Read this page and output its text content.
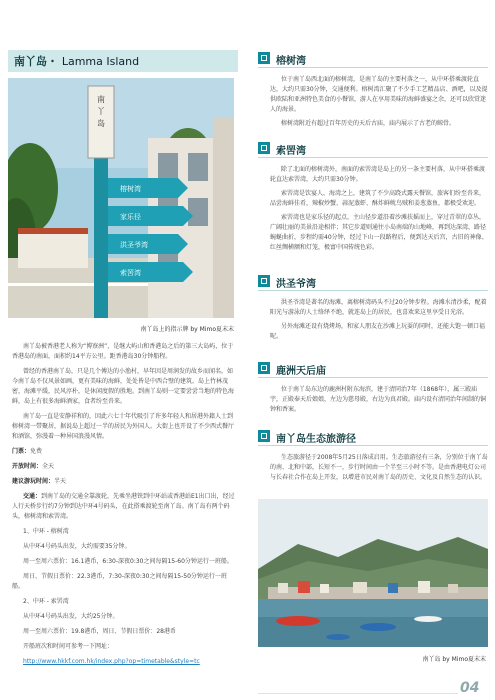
南丫岛・ Lamma Island
南
丫
岛
榕树湾
家乐径
洪圣爷湾
索罟湾
南丫岛上的指示牌 by Mimo夏末末

南丫岛被香港老人称为“博寮洲”，是继大屿山和香港岛之后的第三大岛屿，位于香港岛的南面，面积约14平方公里。距香港岛30分钟船程。

曾经的香港南丫岛，只是几个傅达的小渔村，早年因是周润发的故乡而闻名。如今南丫岛不仅风景如画，更有美味的海鲜，处处皆是中西合璧的建筑。岛上竹林茂密，海滩平缓，民风淳朴，是休闲度假的胜地。到南丫岛则一定要尝尝当地的特色海鲜，岛上有很多海鲜酒家，食者纷至沓来。

南丫岛一直是安静祥和的，因此六七十年代吸引了许多年轻人和居港外籍人士到榕树湾一带聚居，据说岛上超过一半的居民为外国人。大街上也开设了不少西式餐厅和酒馆，弥漫着一种异国浪漫风情。

门票：免费

开放时间：全天

建议游玩时间：半天

交通：到南丫岛的交通全靠渡轮，先乘坐港铁到中环站或香港站E1出口出，经过人行天桥步行约7分钟到达中环4号码头，在此搭乘渡轮至南丫岛。南丫岛有两个码头，榕树湾和索罟湾。

1、中环 - 榕树湾

从中环4号码头出发，大约需要35分钟。

周一至周六票价：16.1港币，6:30-深夜0:30之间每隔15-60分钟运行一班船。

周日、节假日票价：22.3港币，7:30-深夜0:30之间每隔15-50分钟运行一班船。

2、中环 - 索罟湾

从中环4号码头出发，大约25分钟。

周一至周六票价：19.8港币，周日、节假日票价：28港币

开船班次和时间可参考一下网址：

http://www.hkkf.com.hk/index.php?op=timetable&style=tc

榕树湾

位于南丫岛西北面的榕树湾，是南丫岛的主要村落之一，从中环搭乘渡轮直达，大约只需30分钟，交通便利。榕树湾汇聚了不少手工艺精品店、酒吧，以及提供欧陆和亚洲特色美食的小餐馆，游人在享用美味的海鲜盛宴之余，还可以欣赏迷人的海景。

榕树湾附近有超过百年历史的天后古庙，庙内展示了古老的鲸骨。

索罟湾

除了北面的榕树湾外，南面的索罟湾是岛上的另一条主要村落，从中环搭乘渡轮直达索罟湾，大约只需30分钟。

索罟湾是饮宴人，海湾之上，建筑了不少高跷式露天餐馆，旅客们纷至沓来，品尝海鲜佳肴，辣椒炒蟹、蒜泥蒸虾、酥炸鲜鱿鸟贼和姜葱蒸鱼，都极受欢迎。

索罟湾也是家乐径的起点，主山径步道沿着沙滩扶摇而上，穿过青翠的草丛，广阔壮丽的美景沿途相伴；其它步道则通往小岛南端的山地峰，再到达深湾，路径蜿蜒曲折，步程约需40分钟，经过下山一段路程后，便到达天后宫，古旧的神像、红丝绸横额和灯笼，极富中国传统色彩。

洪圣爷湾

洪圣爷湾是著名的海滩，离榕树湾码头不过20分钟步程。海滩水清沙柔，配着阳光与游泳的人士络绎不绝，就连岛上的居民，也喜欢来这里享受日光浴。

另外海滩还设有烧烤场，和家人朋友在沙滩上玩耍的同时，还能大饱一顿口福呢。

鹿洲天后庙

位于南丫岛东边的鹿洲村附东海滨，建于清同治7年（1868年），属三殿庙宇，正殿奉天后娘娘，左边为慈母殿，右边为真君殿。庙内设有清同治年间制的铜钟和香案。

南丫岛生态旅游径

生态旅游径于2008年5月25日落成启用。生态旅游径有三条，分别位于南丫岛的南、北和中部，长短不一，步行时间由一个半至三小时不等。是由香港电灯公司与长春社合作在岛上开发，以增进市民对南丫岛的历史、文化及自然生态的认识。

南丫岛 by Mimo夏末末
04
